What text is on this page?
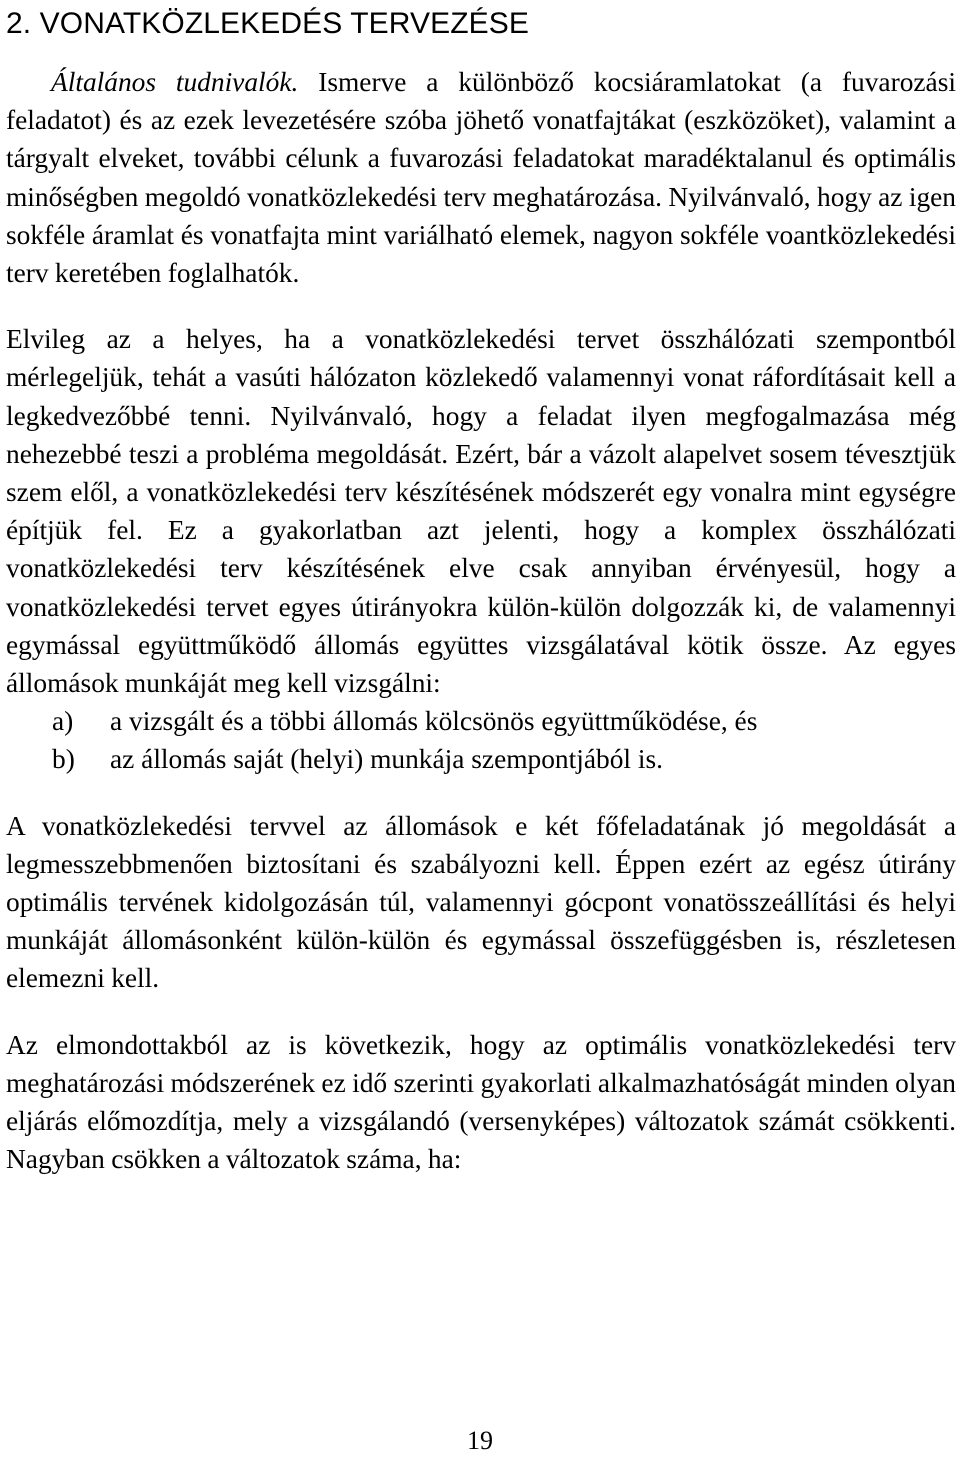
2. VONATKÖZLEKEDÉS TERVEZÉSE

Általános tudnivalók. Ismerve a különböző kocsiáramlatokat (a fuvarozási feladatot) és az ezek levezetésére szóba jöhető vonatfajtákat (eszközöket), valamint a tárgyalt elveket, további célunk a fuvarozási feladatokat maradéktalanul és optimális minőségben megoldó vonatközlekedési terv meghatározása. Nyilvánvaló, hogy az igen sokféle áramlat és vonatfajta mint variálható elemek, nagyon sokféle voantközlekedési terv keretében foglalhatók.

Elvileg az a helyes, ha a vonatközlekedési tervet összhálózati szempontból mérlegeljük, tehát a vasúti hálózaton közlekedő valamennyi vonat ráfordításait kell a legkedvezőbbé tenni. Nyilvánvaló, hogy a feladat ilyen megfogalmazása még nehezebbé teszi a probléma megoldását. Ezért, bár a vázolt alapelvet sosem tévesztjük szem elől, a vonatközlekedési terv készítésének módszerét egy vonalra mint egységre építjük fel. Ez a gyakorlatban azt jelenti, hogy a komplex összhálózati vonatközlekedési terv készítésének elve csak annyiban érvényesül, hogy a vonatközlekedési tervet egyes útirányokra külön-külön dolgozzák ki, de valamennyi egymással együttműködő állomás együttes vizsgálatával kötik össze. Az egyes állomások munkáját meg kell vizsgálni:

a)	a vizsgált és a többi állomás kölcsönös együttműködése, és
b)	az állomás saját (helyi) munkája szempontjából is.

A vonatközlekedési tervvel az állomások e két főfeladatának jó megoldását a legmesszebbmenően biztosítani és szabályozni kell. Éppen ezért az egész útirány optimális tervének kidolgozásán túl, valamennyi gócpont vonatösszeállítási és helyi munkáját állomásonként külön-külön és egymással összefüggésben is, részletesen elemezni kell.

Az elmondottakból az is következik, hogy az optimális vonatközlekedési terv meghatározási módszerének ez idő szerinti gyakorlati alkalmazhatóságát minden olyan eljárás előmozdítja, mely a vizsgálandó (versenyképes) változatok számát csökkenti. Nagyban csökken a változatok száma, ha:

19
